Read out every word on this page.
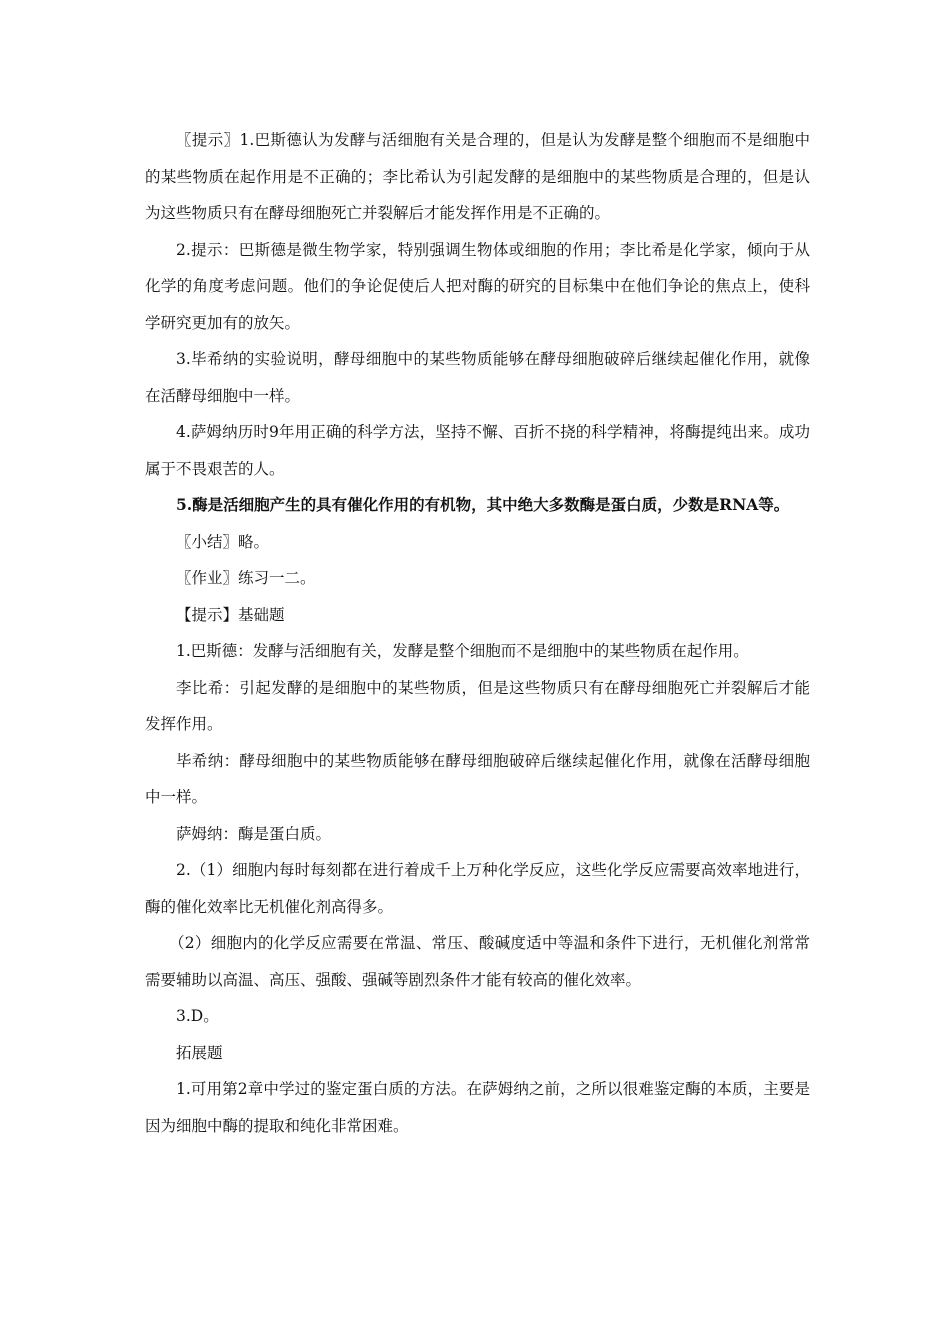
〖提示〗1.巴斯德认为发酵与活细胞有关是合理的，但是认为发酵是整个细胞而不是细胞中的某些物质在起作用是不正确的；李比希认为引起发酵的是细胞中的某些物质是合理的，但是认为这些物质只有在酵母细胞死亡并裂解后才能发挥作用是不正确的。

2.提示：巴斯德是微生物学家，特别强调生物体或细胞的作用；李比希是化学家，倾向于从化学的角度考虑问题。他们的争论促使后人把对酶的研究的目标集中在他们争论的焦点上，使科学研究更加有的放矢。

3.毕希纳的实验说明，酵母细胞中的某些物质能够在酵母细胞破碎后继续起催化作用，就像在活酵母细胞中一样。

4.萨姆纳历时9年用正确的科学方法，坚持不懈、百折不挠的科学精神，将酶提纯出来。成功属于不畏艰苦的人。

5.酶是活细胞产生的具有催化作用的有机物，其中绝大多数酶是蛋白质，少数是RNA等。

〖小结〗略。

〖作业〗练习一二。

【提示】基础题

1.巴斯德：发酵与活细胞有关，发酵是整个细胞而不是细胞中的某些物质在起作用。

李比希：引起发酵的是细胞中的某些物质，但是这些物质只有在酵母细胞死亡并裂解后才能发挥作用。

毕希纳：酵母细胞中的某些物质能够在酵母细胞破碎后继续起催化作用，就像在活酵母细胞中一样。

萨姆纳：酶是蛋白质。

2.（1）细胞内每时每刻都在进行着成千上万种化学反应，这些化学反应需要高效率地进行，酶的催化效率比无机催化剂高得多。

（2）细胞内的化学反应需要在常温、常压、酸碱度适中等温和条件下进行，无机催化剂常常需要辅助以高温、高压、强酸、强碱等剧烈条件才能有较高的催化效率。

3.D。

拓展题

1.可用第2章中学过的鉴定蛋白质的方法。在萨姆纳之前，之所以很难鉴定酶的本质，主要是因为细胞中酶的提取和纯化非常困难。
